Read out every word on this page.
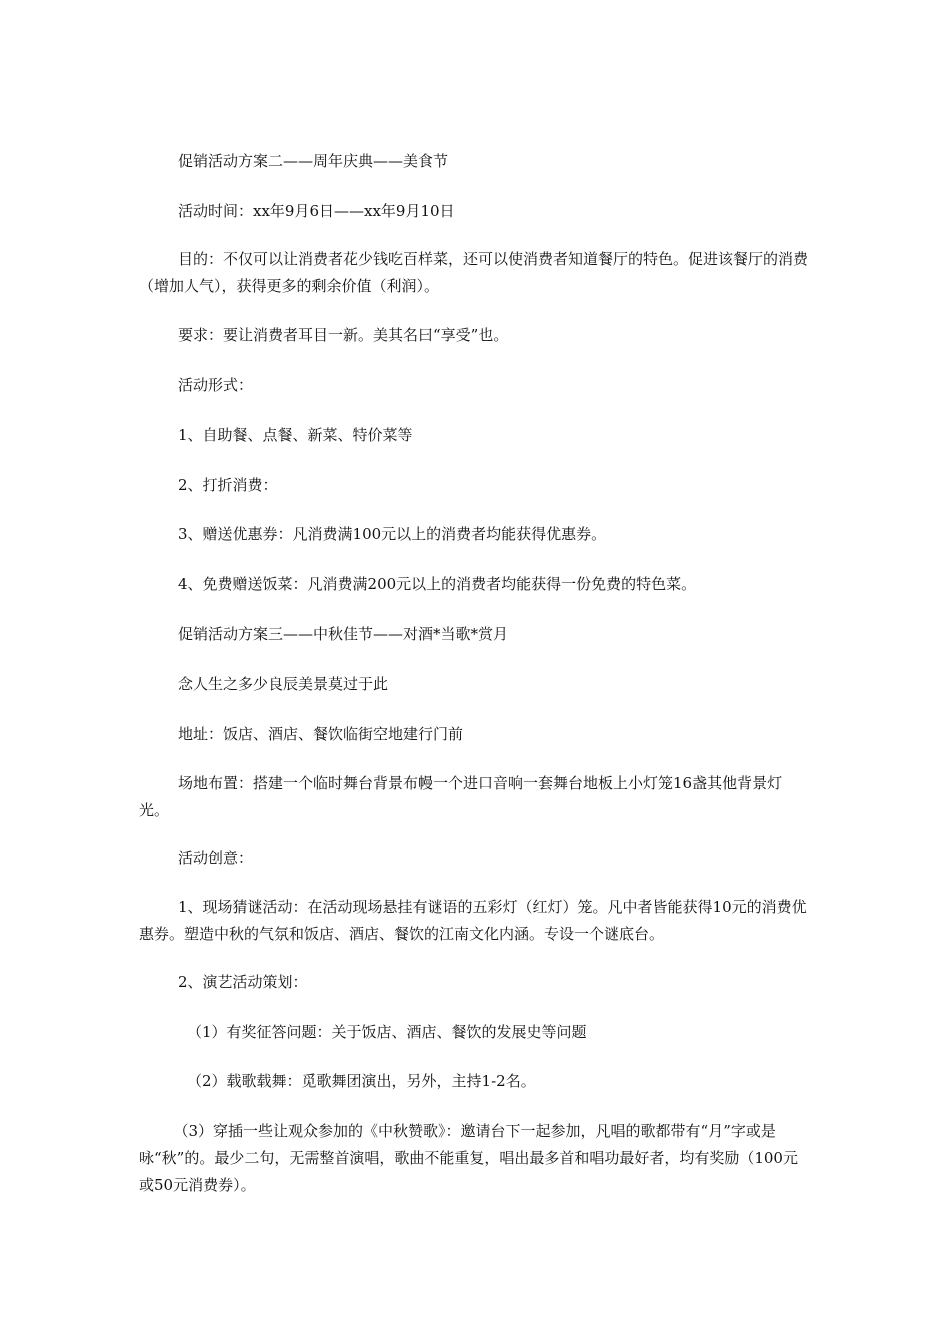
促销活动方案二——周年庆典——美食节

活动时间：xx年9月6日——xx年9月10日

目的：不仅可以让消费者花少钱吃百样菜，还可以使消费者知道餐厅的特色。促进该餐厅的消费（增加人气），获得更多的剩余价值（利润）。

要求：要让消费者耳目一新。美其名曰“享受”也。

活动形式：

1、自助餐、点餐、新菜、特价菜等

2、打折消费：

3、赠送优惠券：凡消费满100元以上的消费者均能获得优惠券。

4、免费赠送饭菜：凡消费满200元以上的消费者均能获得一份免费的特色菜。

促销活动方案三——中秋佳节——对酒*当歌*赏月

念人生之多少良辰美景莫过于此

地址：饭店、酒店、餐饮临街空地建行门前

场地布置：搭建一个临时舞台背景布幔一个进口音响一套舞台地板上小灯笼16盏其他背景灯光。

活动创意：

1、现场猜谜活动：在活动现场悬挂有谜语的五彩灯（红灯）笼。凡中者皆能获得10元的消费优惠券。塑造中秋的气氛和饭店、酒店、餐饮的江南文化内涵。专设一个谜底台。

2、演艺活动策划：

（1）有奖征答问题：关于饭店、酒店、餐饮的发展史等问题

（2）载歌载舞：觅歌舞团演出，另外，主持1-2名。

（3）穿插一些让观众参加的《中秋赞歌》：邀请台下一起参加，凡唱的歌都带有“月”字或是咏“秋”的。最少二句，无需整首演唱，歌曲不能重复，唱出最多首和唱功最好者，均有奖励（100元或50元消费券）。
